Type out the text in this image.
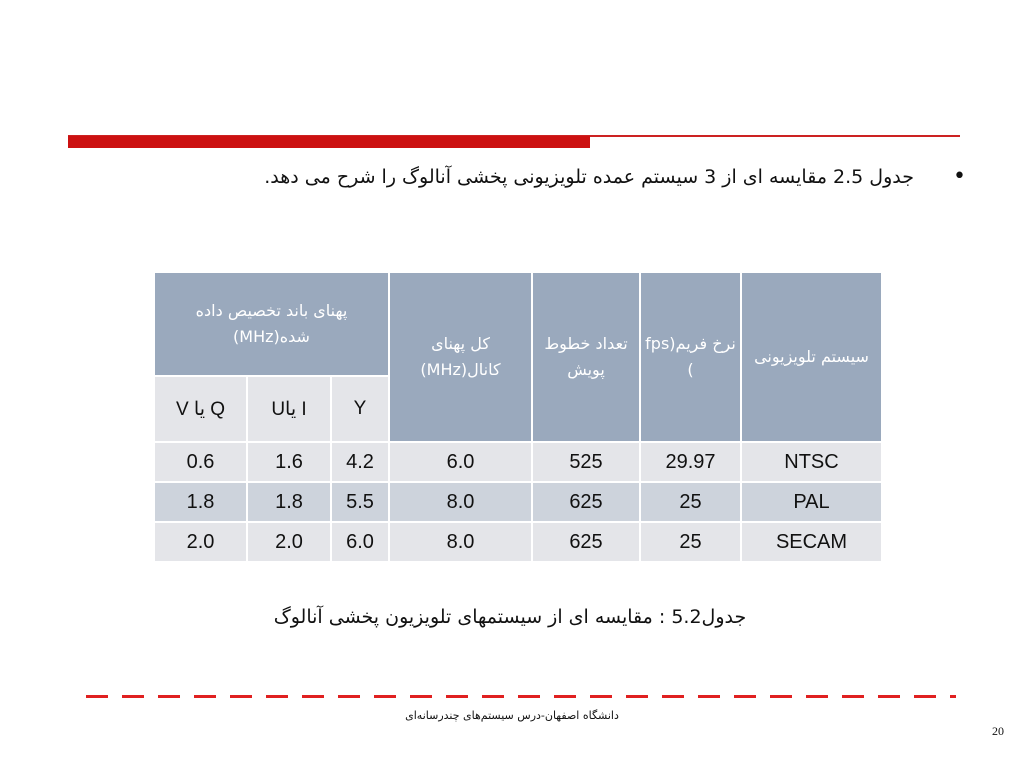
•
جدول 2.5 مقایسه ای از 3 سیستم عمده تلویزیونی پخشی آنالوگ را شرح می دهد.
سیستم تلویزیونی	نرخ فریم(fps )	تعداد خطوط پویش	کل پهنای کانال(MHz)	پهنای باند تخصیص داده شده(MHz)		
				Y	I یاU	Q یا V
NTSC	29.97	525	6.0	4.2	1.6	0.6
PAL	25	625	8.0	5.5	1.8	1.8
SECAM	25	625	8.0	6.0	2.0	2.0
جدول5.2 : مقایسه ای از سیستمهای تلویزیون پخشی آنالوگ
دانشگاه اصفهان-درس سیستم‌های چندرسانه‌ای
20
